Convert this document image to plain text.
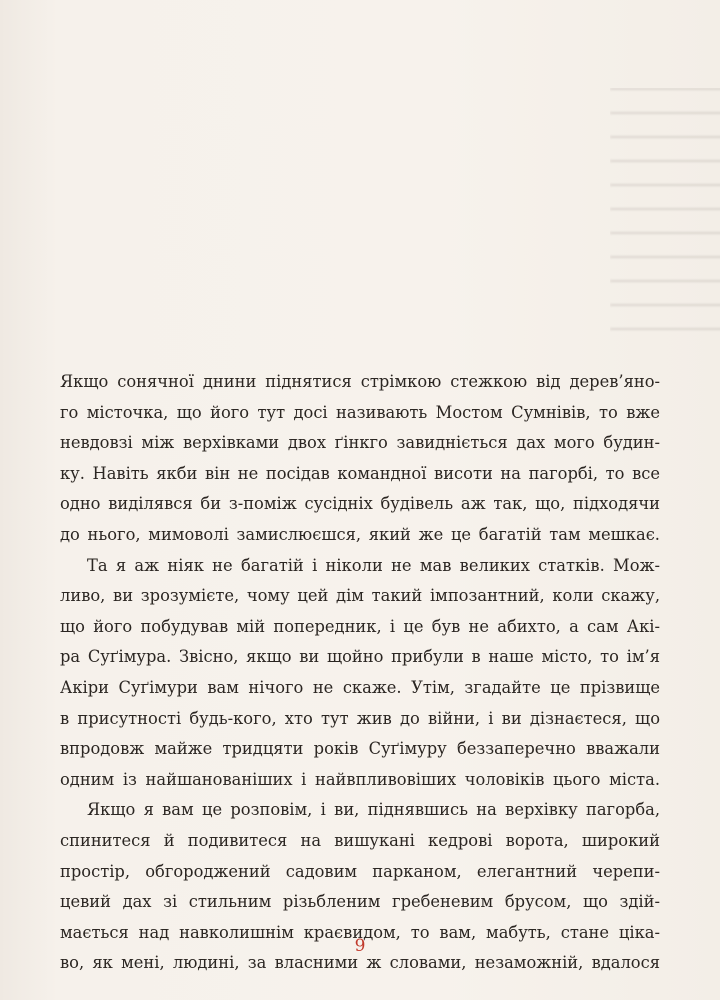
Якщо сонячної днини піднятися стрімкою стежкою від дерев’яно-
го місточка, що його тут досі називають Мостом Сумнівів, то вже
невдовзі між верхівками двох ґінкго завидніється дах мого будин-
ку. Навіть якби він не посідав командної висоти на пагорбі, то все
одно виділявся би з-поміж сусідніх будівель аж так, що, підходячи
до нього, мимоволі замислюєшся, який же це багатій там мешкає.
Та я аж ніяк не багатій і ніколи не мав великих статків. Мож-
ливо, ви зрозумієте, чому цей дім такий імпозантний, коли скажу,
що його побудував мій попередник, і це був не абихто, а сам Акі-
ра Суґімура. Звісно, якщо ви щойно прибули в наше місто, то ім’я
Акіри Суґімури вам нічого не скаже. Утім, згадайте це прізвище
в присутності будь-кого, хто тут жив до війни, і ви дізнаєтеся, що
впродовж майже тридцяти років Суґімуру беззаперечно вважали
одним із найшанованіших і найвпливовіших чоловіків цього міста.
Якщо я вам це розповім, і ви, піднявшись на верхівку пагорба,
спинитеся й подивитеся на вишукані кедрові ворота, широкий
простір, обгороджений садовим парканом, елегантний черепи-
цевий дах зі стильним різьбленим гребеневим брусом, що здій-
мається над навколишнім краєвидом, то вам, мабуть, стане ціка-
во, як мені, людині, за власними ж словами, незаможній, вдалося
9
